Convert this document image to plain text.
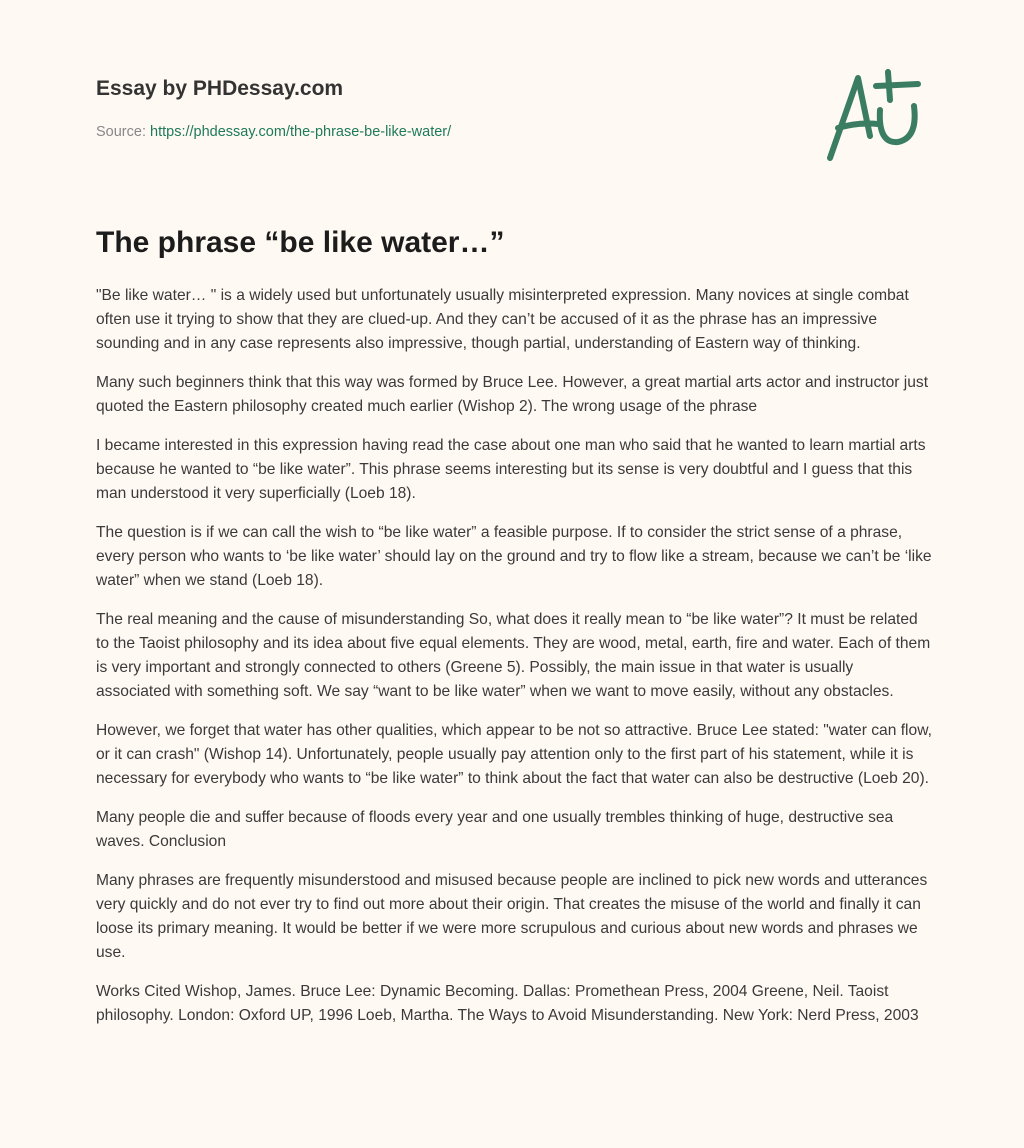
Essay by PHDessay.com
Source: https://phdessay.com/the-phrase-be-like-water/
The phrase “be like water…”

"Be like water… " is a widely used but unfortunately usually misinterpreted expression. Many novices at single combat often use it trying to show that they are clued-up. And they can’t be accused of it as the phrase has an impressive sounding and in any case represents also impressive, though partial, understanding of Eastern way of thinking.

Many such beginners think that this way was formed by Bruce Lee. However, a great martial arts actor and instructor just quoted the Eastern philosophy created much earlier (Wishop 2). The wrong usage of the phrase

I became interested in this expression having read the case about one man who said that he wanted to learn martial arts because he wanted to “be like water”. This phrase seems interesting but its sense is very doubtful and I guess that this man understood it very superficially (Loeb 18).

The question is if we can call the wish to “be like water” a feasible purpose. If to consider the strict sense of a phrase, every person who wants to ‘be like water’ should lay on the ground and try to flow like a stream, because we can’t be ‘like water” when we stand (Loeb 18).

The real meaning and the cause of misunderstanding So, what does it really mean to “be like water”? It must be related to the Taoist philosophy and its idea about five equal elements. They are wood, metal, earth, fire and water. Each of them is very important and strongly connected to others (Greene 5). Possibly, the main issue in that water is usually associated with something soft. We say “want to be like water” when we want to move easily, without any obstacles.

However, we forget that water has other qualities, which appear to be not so attractive. Bruce Lee stated: "water can flow, or it can crash" (Wishop 14). Unfortunately, people usually pay attention only to the first part of his statement, while it is necessary for everybody who wants to “be like water” to think about the fact that water can also be destructive (Loeb 20).

Many people die and suffer because of floods every year and one usually trembles thinking of huge, destructive sea waves. Conclusion

Many phrases are frequently misunderstood and misused because people are inclined to pick new words and utterances very quickly and do not ever try to find out more about their origin. That creates the misuse of the world and finally it can loose its primary meaning. It would be better if we were more scrupulous and curious about new words and phrases we use.

Works Cited Wishop, James. Bruce Lee: Dynamic Becoming. Dallas: Promethean Press, 2004 Greene, Neil. Taoist philosophy. London: Oxford UP, 1996 Loeb, Martha. The Ways to Avoid Misunderstanding. New York: Nerd Press, 2003
